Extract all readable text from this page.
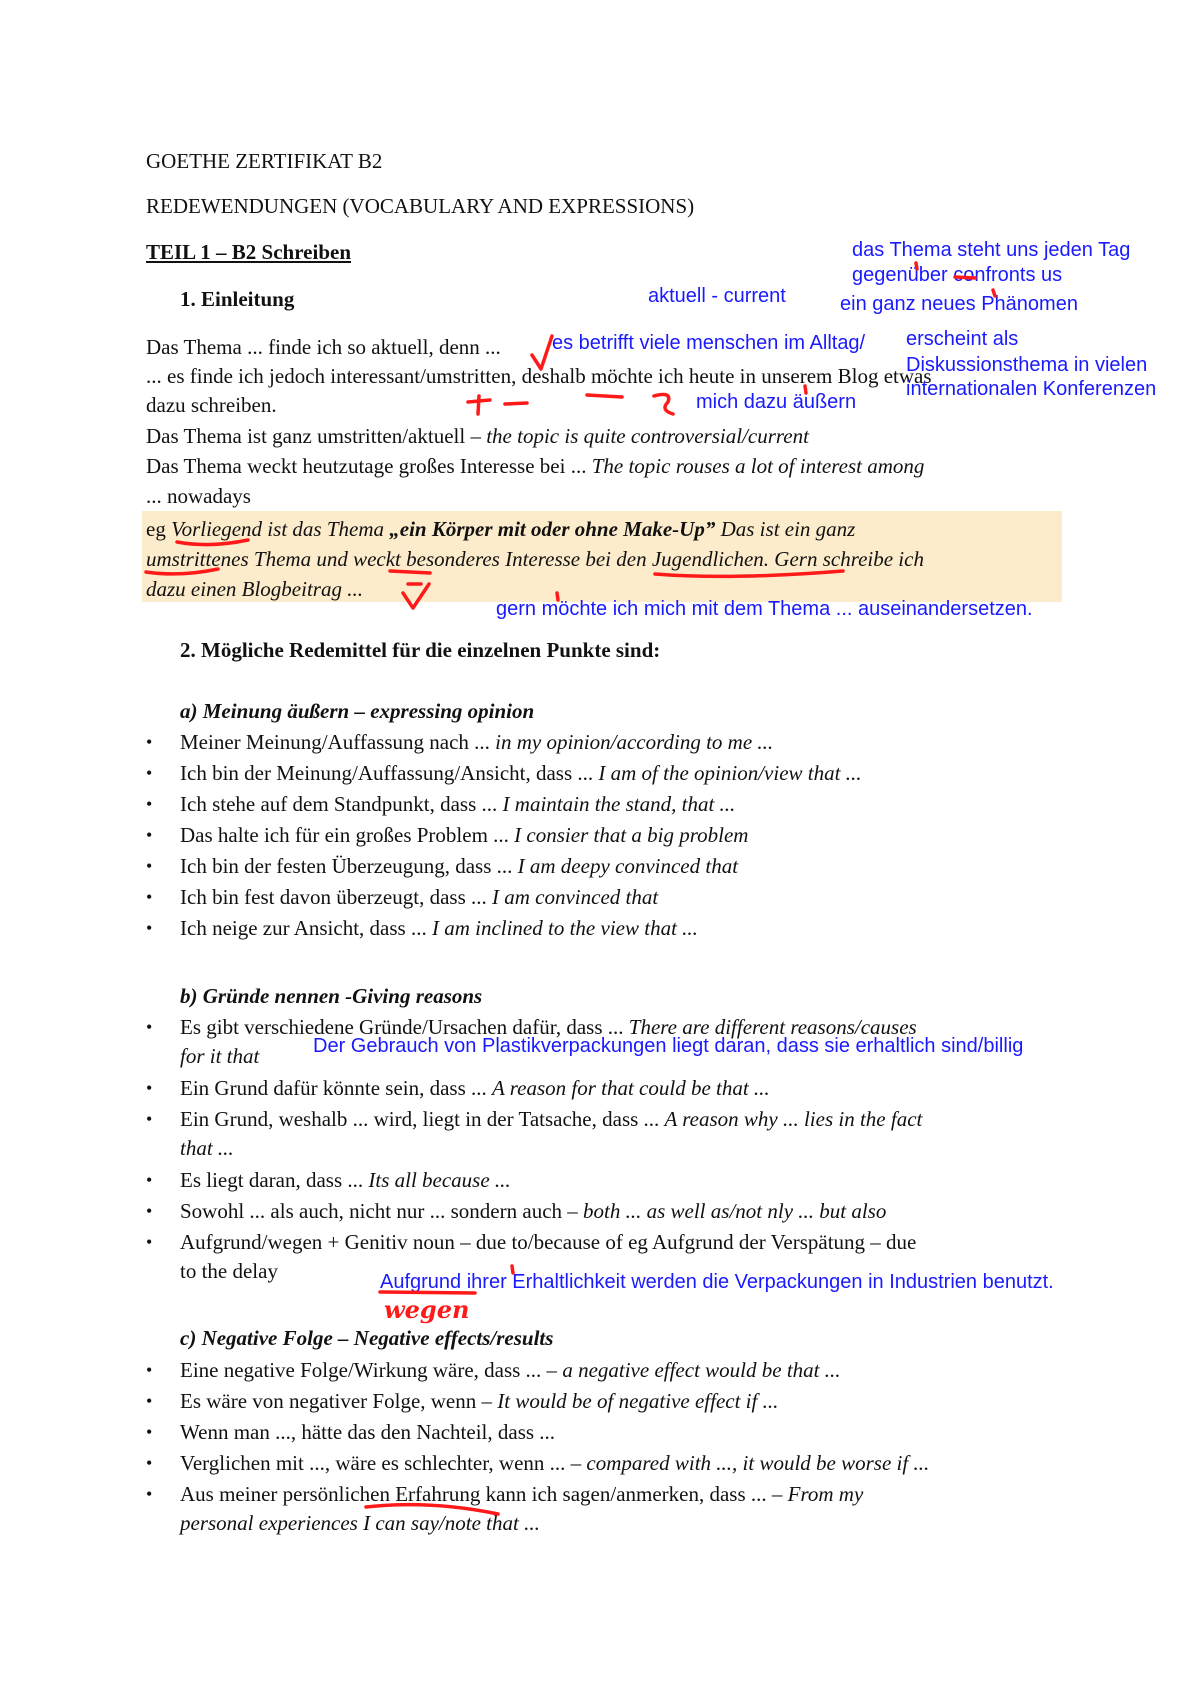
GOETHE ZERTIFIKAT B2
REDEWENDUNGEN (VOCABULARY AND EXPRESSIONS)
TEIL 1 – B2 Schreiben
1. Einleitung
Das Thema ... finde ich so aktuell, denn ...
... es finde ich jedoch interessant/umstritten, deshalb möchte ich heute in unserem Blog etwas
dazu schreiben.
Das Thema ist ganz umstritten/aktuell – the topic is quite controversial/current
Das Thema weckt heutzutage großes Interesse bei ... The topic rouses a lot of interest among
... nowadays
eg Vorliegend ist das Thema „ein Körper mit oder ohne Make-Up” Das ist ein ganz
umstrittenes Thema und weckt besonderes Interesse bei den Jugendlichen. Gern schreibe ich
dazu einen Blogbeitrag ...
2. Mögliche Redemittel für die einzelnen Punkte sind:
a) Meinung äußern – expressing opinion
• Meiner Meinung/Auffassung nach ... in my opinion/according to me ...
• Ich bin der Meinung/Auffassung/Ansicht, dass ... I am of the opinion/view that ...
• Ich stehe auf dem Standpunkt, dass ... I maintain the stand, that ...
• Das halte ich für ein großes Problem ... I consier that a big problem
• Ich bin der festen Überzeugung, dass ... I am deepy convinced that
• Ich bin fest davon überzeugt, dass ... I am convinced that
• Ich neige zur Ansicht, dass ... I am inclined to the view that ...
b) Gründe nennen -Giving reasons
• Es gibt verschiedene Gründe/Ursachen dafür, dass ... There are different reasons/causes
for it that
• Ein Grund dafür könnte sein, dass ... A reason for that could be that ...
• Ein Grund, weshalb ... wird, liegt in der Tatsache, dass ... A reason why ... lies in the fact
that ...
• Es liegt daran, dass ... Its all because ...
• Sowohl ... als auch, nicht nur ... sondern auch – both ... as well as/not nly ... but also
• Aufgrund/wegen + Genitiv noun – due to/because of eg Aufgrund der Verspätung – due
to the delay
c) Negative Folge – Negative effects/results
• Eine negative Folge/Wirkung wäre, dass ... – a negative effect would be that ...
• Es wäre von negativer Folge, wenn – It would be of negative effect if ...
• Wenn man ..., hätte das den Nachteil, dass ...
• Verglichen mit ..., wäre es schlechter, wenn ... – compared with ..., it would be worse if ...
• Aus meiner persönlichen Erfahrung kann ich sagen/anmerken, dass ... – From my
personal experiences I can say/note that ...
aktuell - current
das Thema steht uns jeden Tag
gegenüber confronts us
ein ganz neues Phänomen
es betrifft viele menschen im Alltag/ erscheint als
Diskussionsthema in vielen
internationalen Konferenzen
mich dazu äußern
gern möchte ich mich mit dem Thema ... auseinandersetzen.
Der Gebrauch von Plastikverpackungen liegt daran, dass sie erhaltlich sind/billig
Aufgrund ihrer Erhaltlichkeit werden die Verpackungen in Industrien benutzt.
wegen
